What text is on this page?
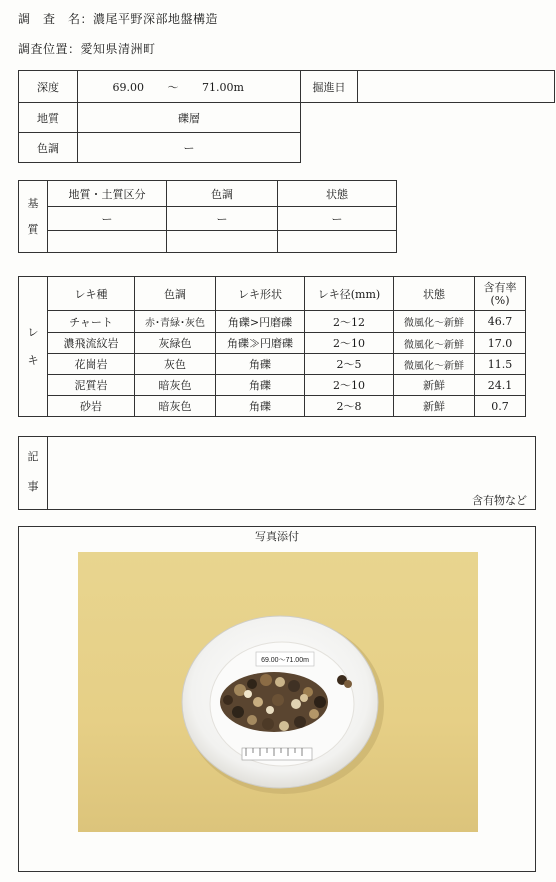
調　査　名：濃尾平野深部地盤構造
調査位置：愛知県清洲町
深度	69.00 〜 71.00m		掘進日	
地質	礫層			
色調	ー			
基
質	地質・土質区分	色調	状態
	ー	ー	ー

レ
キ	レキ種	色調	レキ形状	レキ径(mm)	状態	含有率
(%)
	チャート	赤･青緑･灰色	角礫>円磨礫	2〜12	微風化〜新鮮	46.7
	濃飛流紋岩	灰緑色	角礫≫円磨礫	2〜10	微風化〜新鮮	17.0
	花崗岩	灰色	角礫	2〜5	微風化〜新鮮	11.5
	泥質岩	暗灰色	角礫	2〜10	新鮮	24.1
	砂岩	暗灰色	角礫	2〜8	新鮮	0.7
記
事
含有物など
写真添付
69.00〜71.00m
